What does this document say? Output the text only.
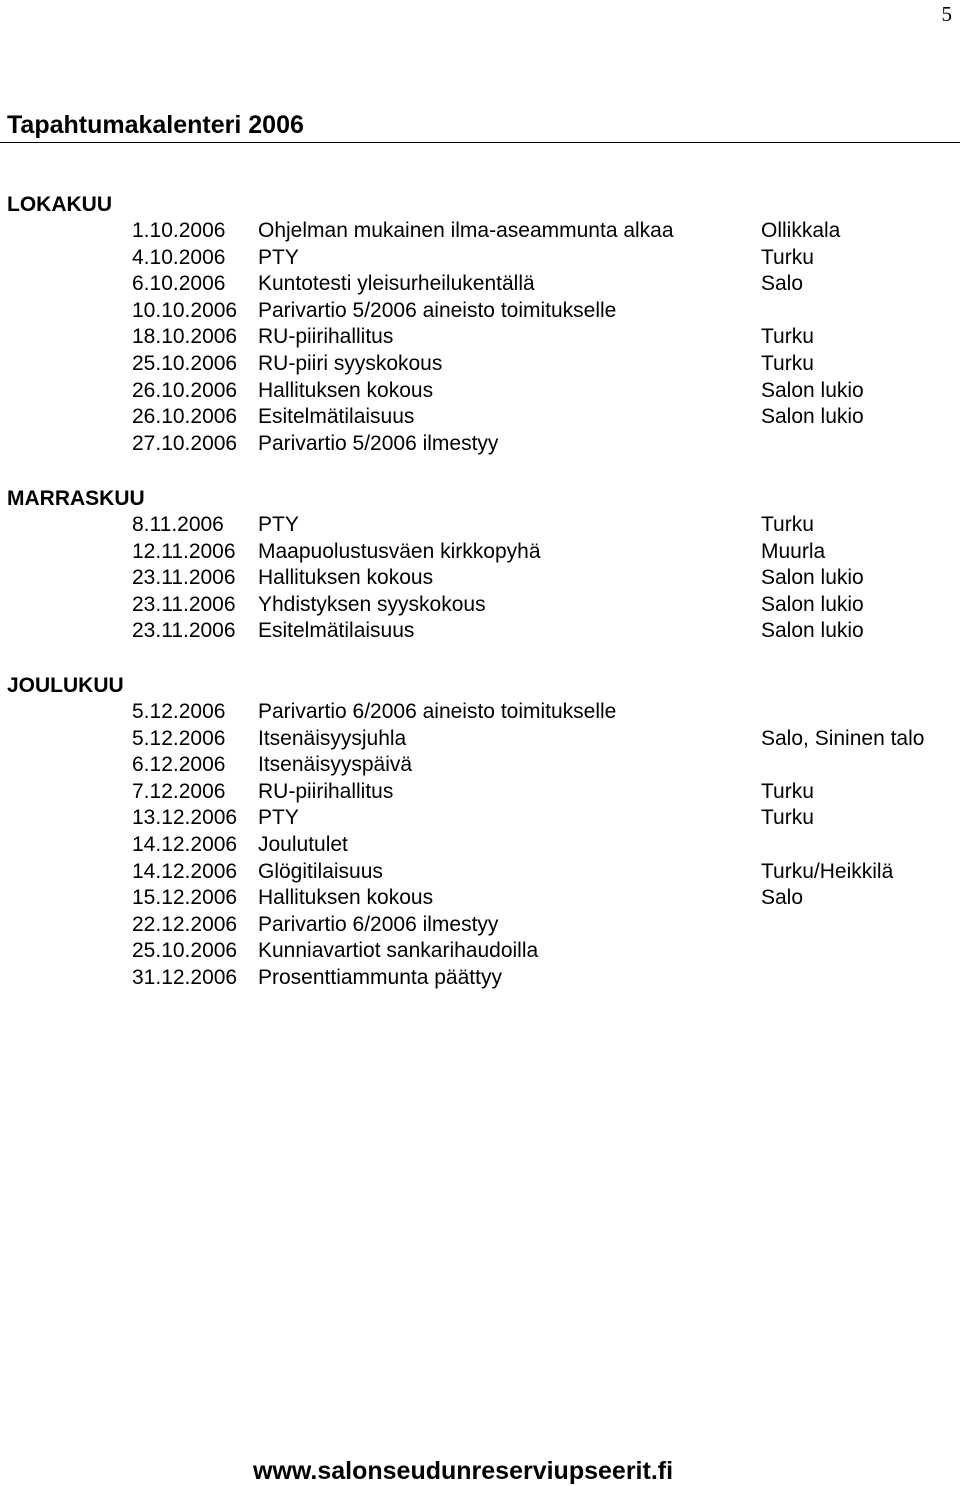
5
Tapahtumakalenteri 2006
LOKAKUU
1.10.2006 Ohjelman mukainen ilma-aseammunta alkaa	Ollikkala
4.10.2006 PTY	Turku
6.10.2006 Kuntotesti yleisurheilukentällä	Salo
10.10.2006 Parivartio 5/2006 aineisto toimitukselle
18.10.2006 RU-piirihallitus	Turku
25.10.2006 RU-piiri syyskokous	Turku
26.10.2006 Hallituksen kokous	Salon lukio
26.10.2006 Esitelmätilaisuus	Salon lukio
27.10.2006 Parivartio 5/2006 ilmestyy
MARRASKUU
8.11.2006 PTY	Turku
12.11.2006 Maapuolustusväen kirkkopyhä	Muurla
23.11.2006 Hallituksen kokous	Salon lukio
23.11.2006 Yhdistyksen syyskokous	Salon lukio
23.11.2006 Esitelmätilaisuus	Salon lukio
JOULUKUU
5.12.2006 Parivartio 6/2006 aineisto toimitukselle
5.12.2006 Itsenäisyysjuhla	Salo, Sininen talo
6.12.2006 Itsenäisyyspäivä
7.12.2006 RU-piirihallitus	Turku
13.12.2006 PTY	Turku
14.12.2006 Joulutulet
14.12.2006 Glögitilaisuus	Turku/Heikkilä
15.12.2006 Hallituksen kokous	Salo
22.12.2006 Parivartio 6/2006 ilmestyy
25.10.2006 Kunniavartiot sankarihaudoilla
31.12.2006 Prosenttiammunta päättyy
www.salonseudunreserviupseerit.fi
